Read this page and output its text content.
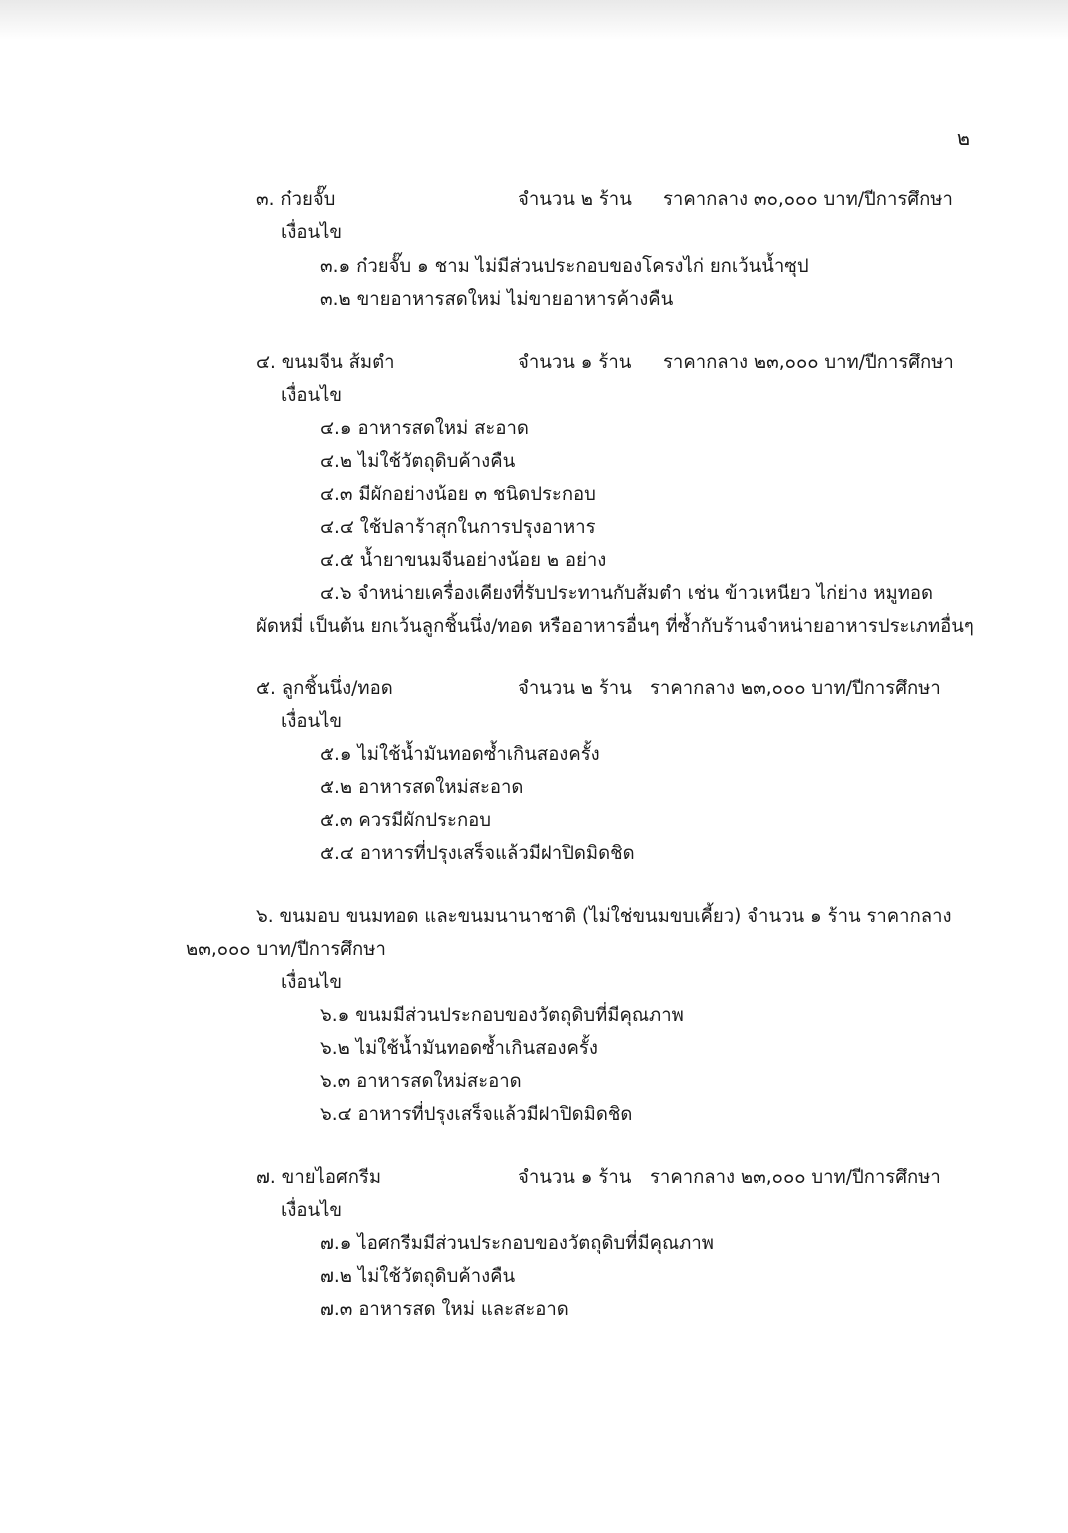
๒
๓. ก๋วยจั๊บ	จำนวน ๒ ร้าน ราคากลาง ๓๐,๐๐๐ บาท/ปีการศึกษา
เงื่อนไข
๓.๑ ก๋วยจั๊บ ๑ ชาม ไม่มีส่วนประกอบของโครงไก่ ยกเว้นน้ำซุป
๓.๒ ขายอาหารสดใหม่ ไม่ขายอาหารค้างคืน
๔. ขนมจีน ส้มตำ	จำนวน ๑ ร้าน ราคากลาง ๒๓,๐๐๐ บาท/ปีการศึกษา
เงื่อนไข
๔.๑ อาหารสดใหม่ สะอาด
๔.๒ ไม่ใช้วัตถุดิบค้างคืน
๔.๓ มีผักอย่างน้อย ๓ ชนิดประกอบ
๔.๔ ใช้ปลาร้าสุกในการปรุงอาหาร
๔.๕ น้ำยาขนมจีนอย่างน้อย ๒ อย่าง
๔.๖ จำหน่ายเครื่องเคียงที่รับประทานกับส้มตำ เช่น ข้าวเหนียว ไก่ย่าง หมูทอด
ผัดหมี่ เป็นต้น ยกเว้นลูกชิ้นนึ่ง/ทอด หรืออาหารอื่นๆ ที่ซ้ำกับร้านจำหน่ายอาหารประเภทอื่นๆ
๕. ลูกชิ้นนึ่ง/ทอด	จำนวน ๒ ร้าน ราคากลาง ๒๓,๐๐๐ บาท/ปีการศึกษา
เงื่อนไข
๕.๑ ไม่ใช้น้ำมันทอดซ้ำเกินสองครั้ง
๕.๒ อาหารสดใหม่สะอาด
๕.๓ ควรมีผักประกอบ
๕.๔ อาหารที่ปรุงเสร็จแล้วมีฝาปิดมิดชิด
๖. ขนมอบ ขนมทอด และขนมนานาชาติ (ไม่ใช่ขนมขบเคี้ยว) จำนวน ๑ ร้าน ราคากลาง
๒๓,๐๐๐ บาท/ปีการศึกษา
เงื่อนไข
๖.๑ ขนมมีส่วนประกอบของวัตถุดิบที่มีคุณภาพ
๖.๒ ไม่ใช้น้ำมันทอดซ้ำเกินสองครั้ง
๖.๓ อาหารสดใหม่สะอาด
๖.๔ อาหารที่ปรุงเสร็จแล้วมีฝาปิดมิดชิด
๗. ขายไอศกรีม	จำนวน ๑ ร้าน ราคากลาง ๒๓,๐๐๐ บาท/ปีการศึกษา
เงื่อนไข
๗.๑ ไอศกรีมมีส่วนประกอบของวัตถุดิบที่มีคุณภาพ
๗.๒ ไม่ใช้วัตถุดิบค้างคืน
๗.๓ อาหารสด ใหม่ และสะอาด
